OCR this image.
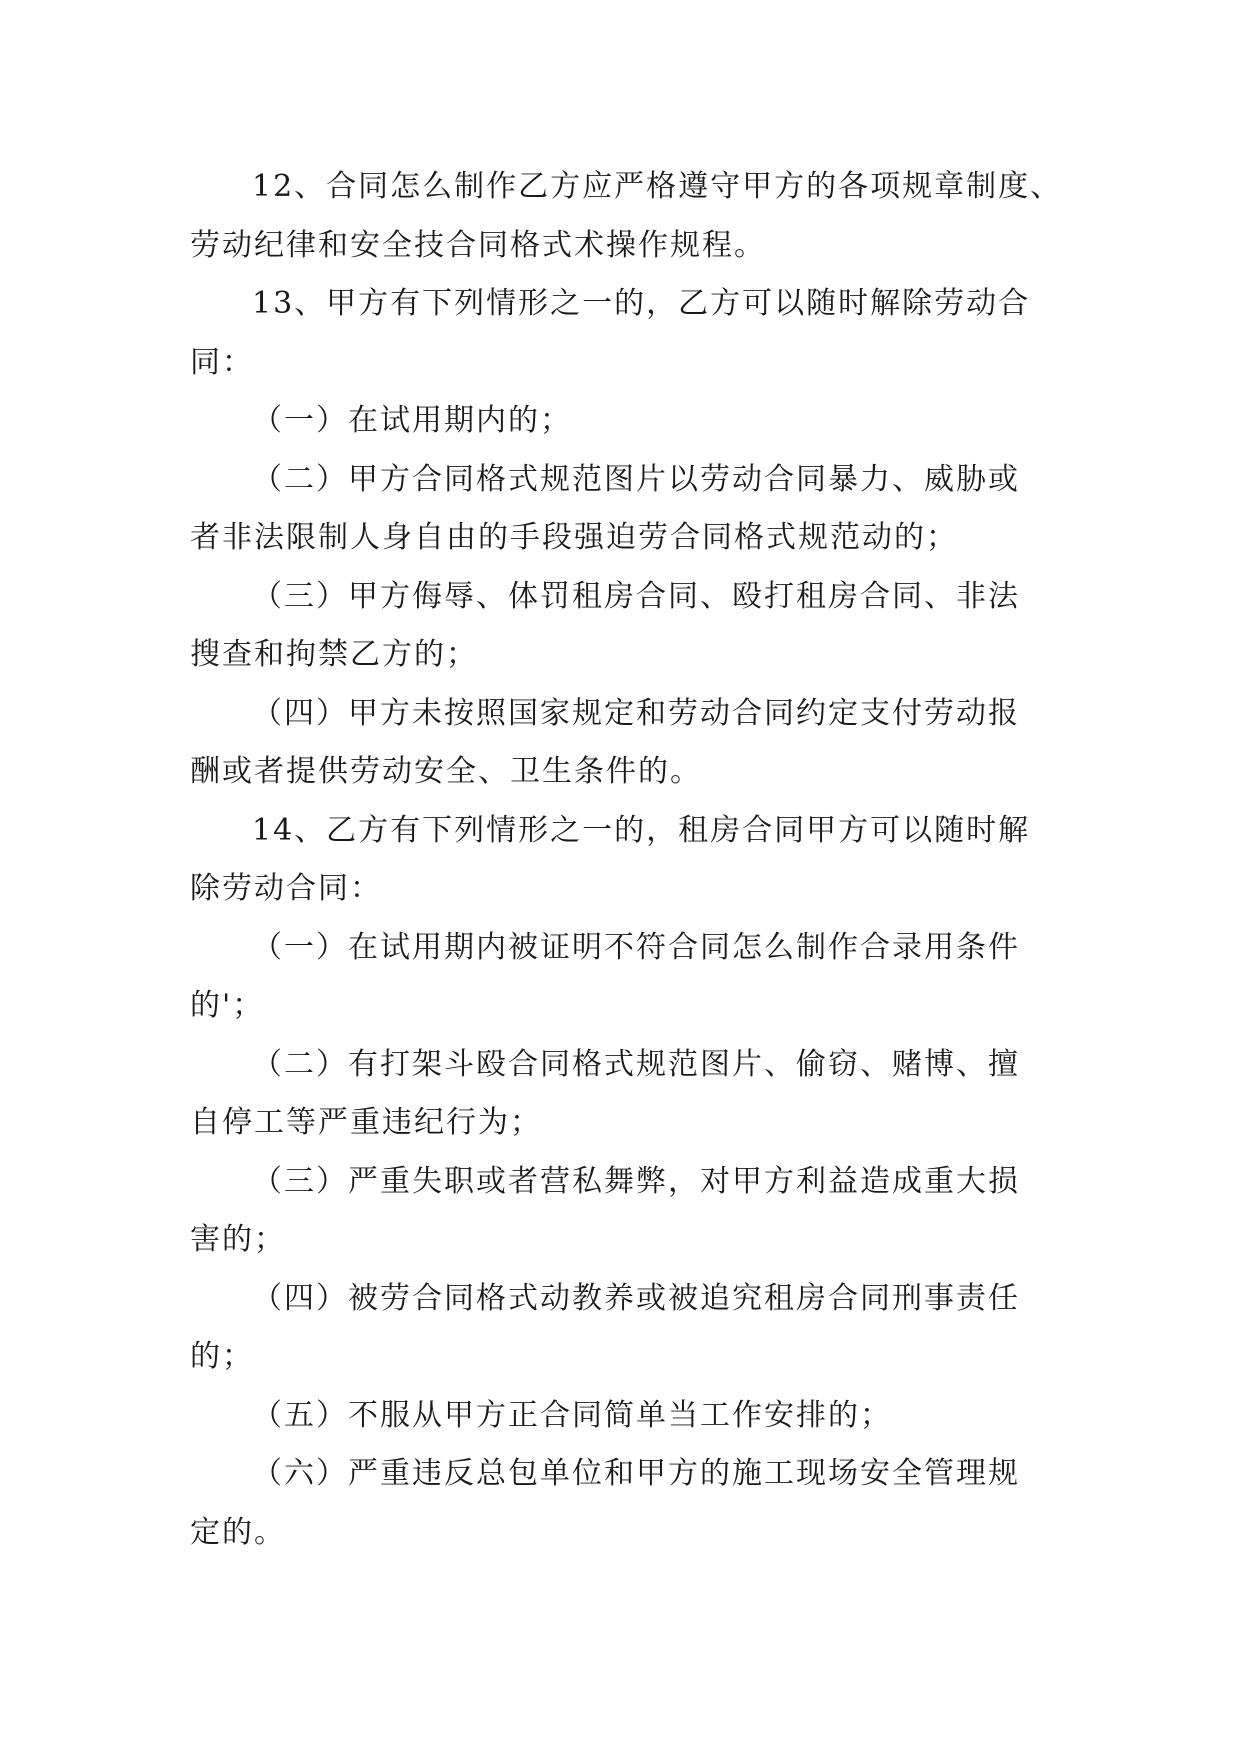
12、合同怎么制作乙方应严格遵守甲方的各项规章制度、
劳动纪律和安全技合同格式术操作规程。
13、甲方有下列情形之一的，乙方可以随时解除劳动合
同：
（一）在试用期内的；
（二）甲方合同格式规范图片以劳动合同暴力、威胁或
者非法限制人身自由的手段强迫劳合同格式规范动的；
（三）甲方侮辱、体罚租房合同、殴打租房合同、非法
搜查和拘禁乙方的；
（四）甲方未按照国家规定和劳动合同约定支付劳动报
酬或者提供劳动安全、卫生条件的。
14、乙方有下列情形之一的，租房合同甲方可以随时解
除劳动合同：
（一）在试用期内被证明不符合同怎么制作合录用条件
的'；
（二）有打架斗殴合同格式规范图片、偷窃、赌博、擅
自停工等严重违纪行为；
（三）严重失职或者营私舞弊，对甲方利益造成重大损
害的；
（四）被劳合同格式动教养或被追究租房合同刑事责任
的；
（五）不服从甲方正合同简单当工作安排的；
（六）严重违反总包单位和甲方的施工现场安全管理规
定的。
